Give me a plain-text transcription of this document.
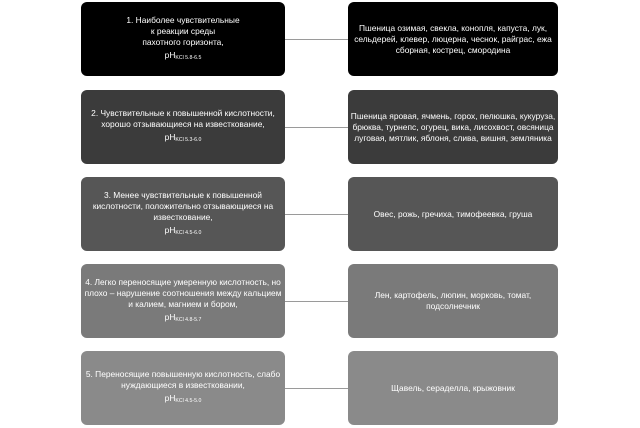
1. Наиболее чувствительные
к реакции среды
пахотного горизонта,
pHKCl 5.8-6.5
Пшеница озимая, свекла, конопля, капуста, лук,
сельдерей, клевер, люцерна, чеснок, райграс, ежа
сборная, кострец, смородина
2. Чувствительные к повышенной кислотности,
хорошо отзывающиеся на известкование,
pHKCl 5.3-6.0
Пшеница яровая, ячмень, горох, пелюшка, кукуруза,
брюква, турнепс, огурец, вика, лисохвост, овсяница
луговая, мятлик, яблоня, слива, вишня, земляника
3. Менее чувствительные к повышенной
кислотности, положительно отзывающиеся на
известкование,
pHKCl 4.5-6.0
Овес, рожь, гречиха, тимофеевка, груша
4. Легко переносящие умеренную кислотность, но
плохо – нарушение соотношения между кальцием
и калием, магнием и бором,
pHKCl 4.8-5.7
Лен, картофель, люпин, морковь, томат,
подсолнечник
5. Переносящие повышенную кислотность, слабо
нуждающиеся в известковании,
pHKCl 4.5-5.0
Щавель, сераделла, крыжовник
